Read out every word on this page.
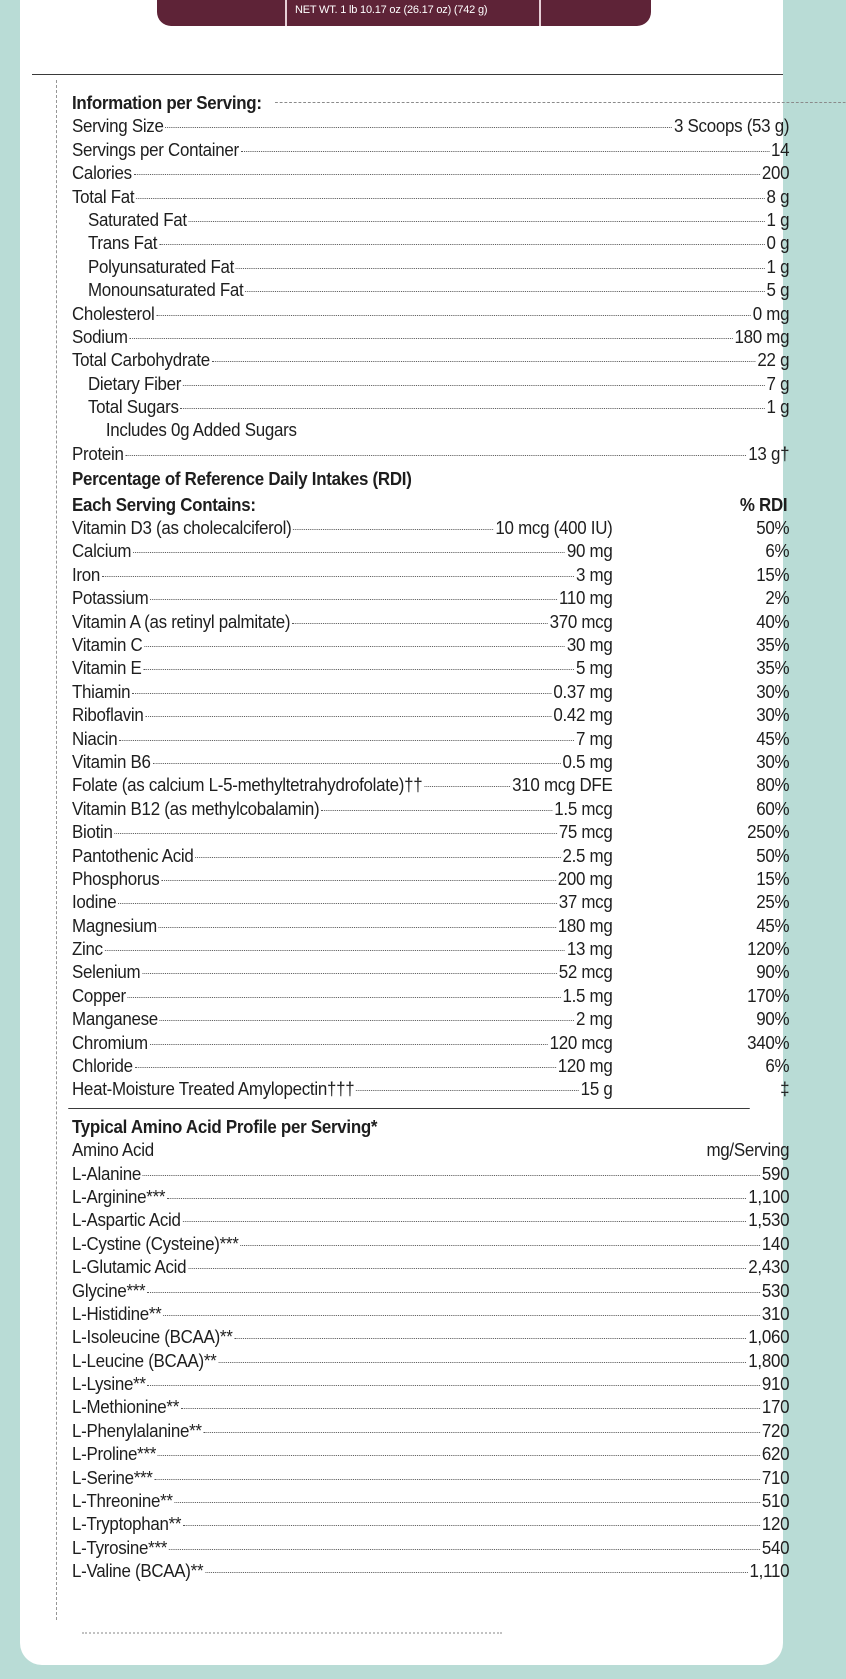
NET WT. 1 lb 10.17 oz (26.17 oz) (742 g)
Information per Serving:
Serving Size	3 Scoops (53 g)
Servings per Container	14
Calories	200
Total Fat	8 g
Saturated Fat	1 g
Trans Fat	0 g
Polyunsaturated Fat	1 g
Monounsaturated Fat	5 g
Cholesterol	0 mg
Sodium	180 mg
Total Carbohydrate	22 g
Dietary Fiber	7 g
Total Sugars	1 g
Includes 0g Added Sugars
Protein	13 g†
Percentage of Reference Daily Intakes (RDI)
Each Serving Contains:	% RDI
Vitamin D3 (as cholecalciferol)	10 mcg (400 IU)	50%
Calcium	90 mg	6%
Iron	3 mg	15%
Potassium	110 mg	2%
Vitamin A (as retinyl palmitate)	370 mcg	40%
Vitamin C	30 mg	35%
Vitamin E	5 mg	35%
Thiamin	0.37 mg	30%
Riboflavin	0.42 mg	30%
Niacin	7 mg	45%
Vitamin B6	0.5 mg	30%
Folate (as calcium L-5-methyltetrahydrofolate)††	310 mcg DFE	80%
Vitamin B12 (as methylcobalamin)	1.5 mcg	60%
Biotin	75 mcg	250%
Pantothenic Acid	2.5 mg	50%
Phosphorus	200 mg	15%
Iodine	37 mcg	25%
Magnesium	180 mg	45%
Zinc	13 mg	120%
Selenium	52 mcg	90%
Copper	1.5 mg	170%
Manganese	2 mg	90%
Chromium	120 mcg	340%
Chloride	120 mg	6%
Heat-Moisture Treated Amylopectin†††	15 g	‡
Typical Amino Acid Profile per Serving*
Amino Acid	mg/Serving
L-Alanine	590
L-Arginine***	1,100
L-Aspartic Acid	1,530
L-Cystine (Cysteine)***	140
L-Glutamic Acid	2,430
Glycine***	530
L-Histidine**	310
L-Isoleucine (BCAA)**	1,060
L-Leucine (BCAA)**	1,800
L-Lysine**	910
L-Methionine**	170
L-Phenylalanine**	720
L-Proline***	620
L-Serine***	710
L-Threonine**	510
L-Tryptophan**	120
L-Tyrosine***	540
L-Valine (BCAA)**	1,110
